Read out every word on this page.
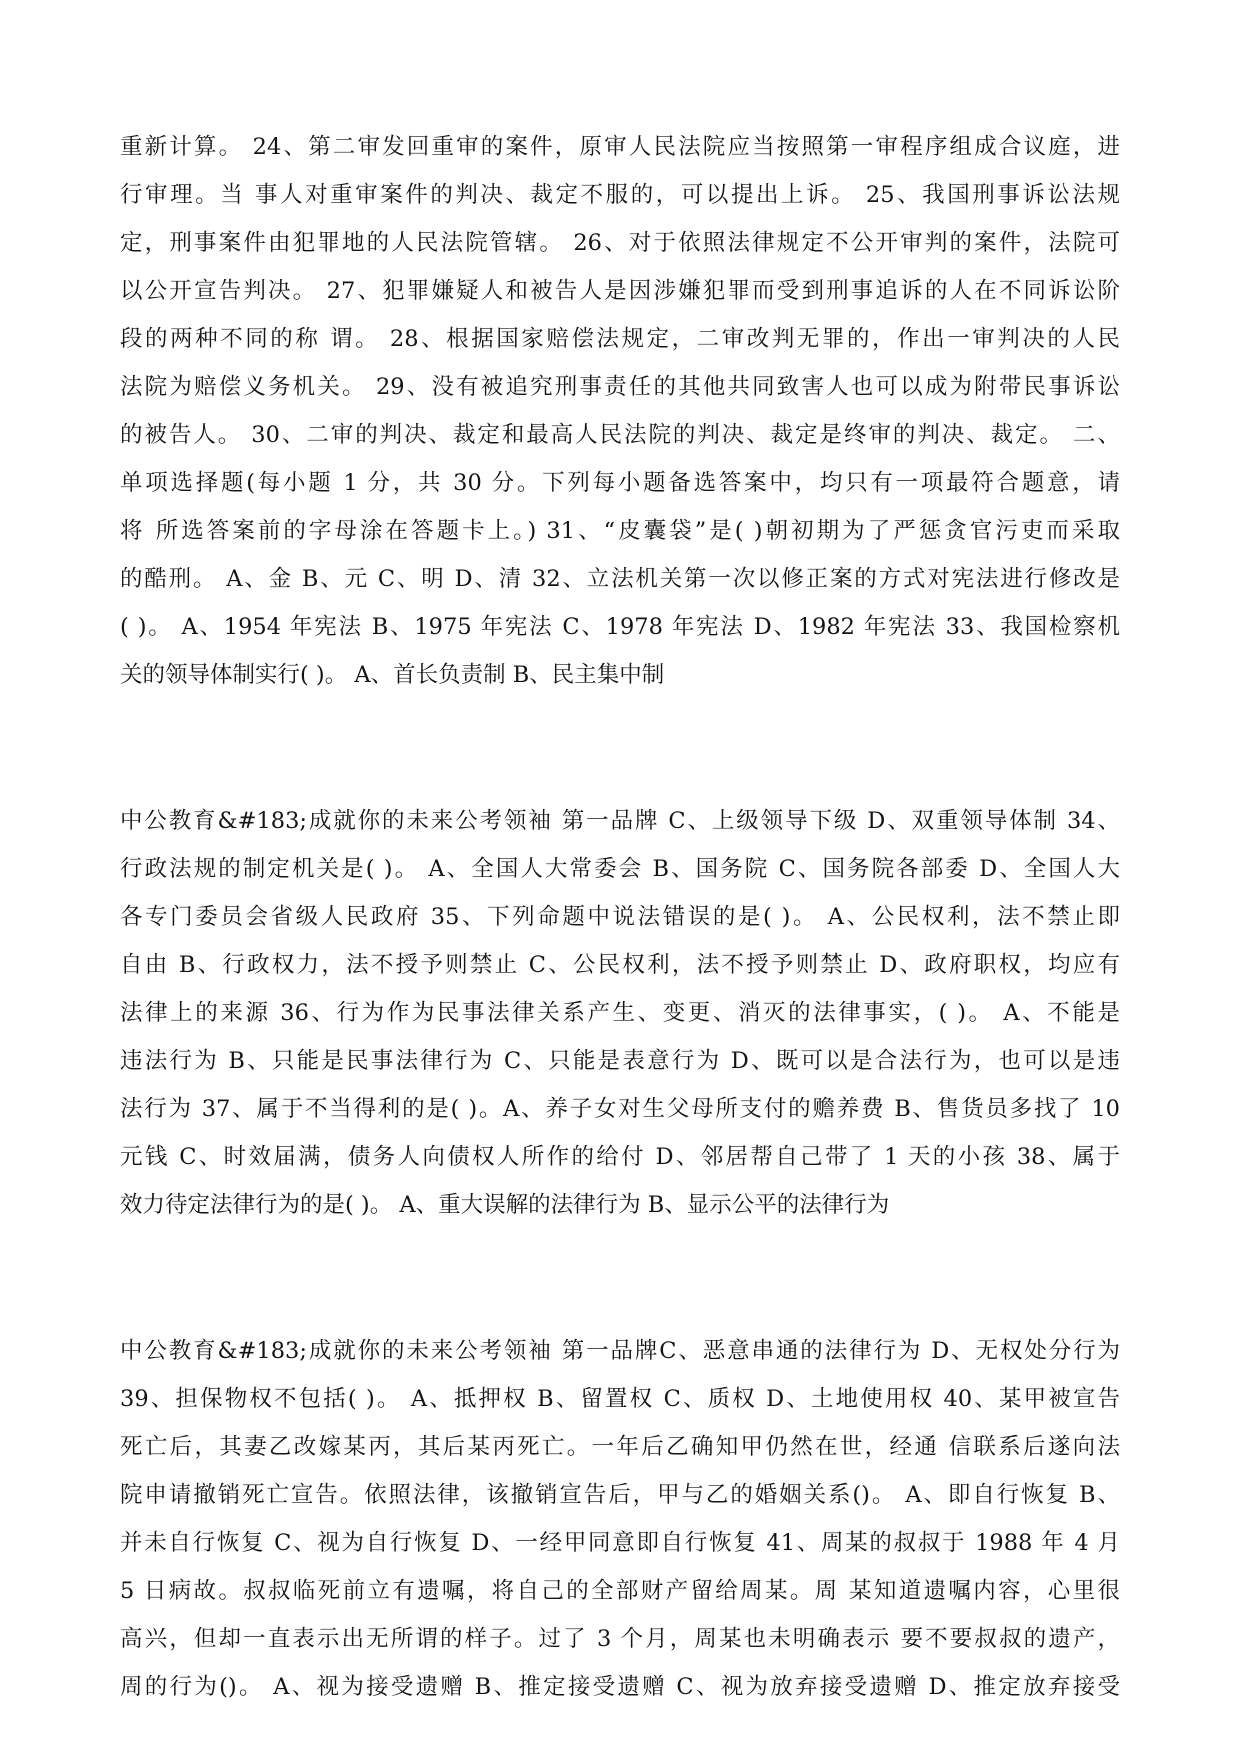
重新计算。 24、第二审发回重审的案件，原审人民法院应当按照第一审程序组成合议庭，进
行审理。当 事人对重审案件的判决、裁定不服的，可以提出上诉。 25、我国刑事诉讼法规
定，刑事案件由犯罪地的人民法院管辖。 26、对于依照法律规定不公开审判的案件，法院可
以公开宣告判决。 27、犯罪嫌疑人和被告人是因涉嫌犯罪而受到刑事追诉的人在不同诉讼阶
段的两种不同的称 谓。 28、根据国家赔偿法规定，二审改判无罪的，作出一审判决的人民
法院为赔偿义务机关。 29、没有被追究刑事责任的其他共同致害人也可以成为附带民事诉讼
的被告人。 30、二审的判决、裁定和最高人民法院的判决、裁定是终审的判决、裁定。 二、
单项选择题(每小题 1 分，共 30 分。下列每小题备选答案中，均只有一项最符合题意，请
将 所选答案前的字母涂在答题卡上。) 31、“皮囊袋”是( )朝初期为了严惩贪官污吏而采取
的酷刑。 A、金 B、元 C、明 D、清 32、立法机关第一次以修正案的方式对宪法进行修改是
( )。 A、1954 年宪法 B、1975 年宪法 C、1978 年宪法 D、1982 年宪法 33、我国检察机
关的领导体制实行( )。 A、首长负责制 B、民主集中制
中公教育&#183;成就你的未来公考领袖 第一品牌 C、上级领导下级 D、双重领导体制 34、
行政法规的制定机关是( )。 A、全国人大常委会 B、国务院 C、国务院各部委 D、全国人大
各专门委员会省级人民政府 35、下列命题中说法错误的是( )。 A、公民权利，法不禁止即
自由 B、行政权力，法不授予则禁止 C、公民权利，法不授予则禁止 D、政府职权，均应有
法律上的来源 36、行为作为民事法律关系产生、变更、消灭的法律事实，( )。 A、不能是
违法行为 B、只能是民事法律行为 C、只能是表意行为 D、既可以是合法行为，也可以是违
法行为 37、属于不当得利的是( )。A、养子女对生父母所支付的赡养费 B、售货员多找了 10
元钱 C、时效届满，债务人向债权人所作的给付 D、邻居帮自己带了 1 天的小孩 38、属于
效力待定法律行为的是( )。 A、重大误解的法律行为 B、显示公平的法律行为
中公教育&#183;成就你的未来公考领袖 第一品牌C、恶意串通的法律行为 D、无权处分行为
39、担保物权不包括( )。 A、抵押权 B、留置权 C、质权 D、土地使用权 40、某甲被宣告
死亡后，其妻乙改嫁某丙，其后某丙死亡。一年后乙确知甲仍然在世，经通 信联系后遂向法
院申请撤销死亡宣告。依照法律，该撤销宣告后，甲与乙的婚姻关系()。 A、即自行恢复 B、
并未自行恢复 C、视为自行恢复 D、一经甲同意即自行恢复 41、周某的叔叔于 1988 年 4 月
5 日病故。叔叔临死前立有遗嘱，将自己的全部财产留给周某。周 某知道遗嘱内容，心里很
高兴，但却一直表示出无所谓的样子。过了 3 个月，周某也未明确表示 要不要叔叔的遗产，
周的行为()。 A、视为接受遗赠 B、推定接受遗赠 C、视为放弃接受遗赠 D、推定放弃接受
